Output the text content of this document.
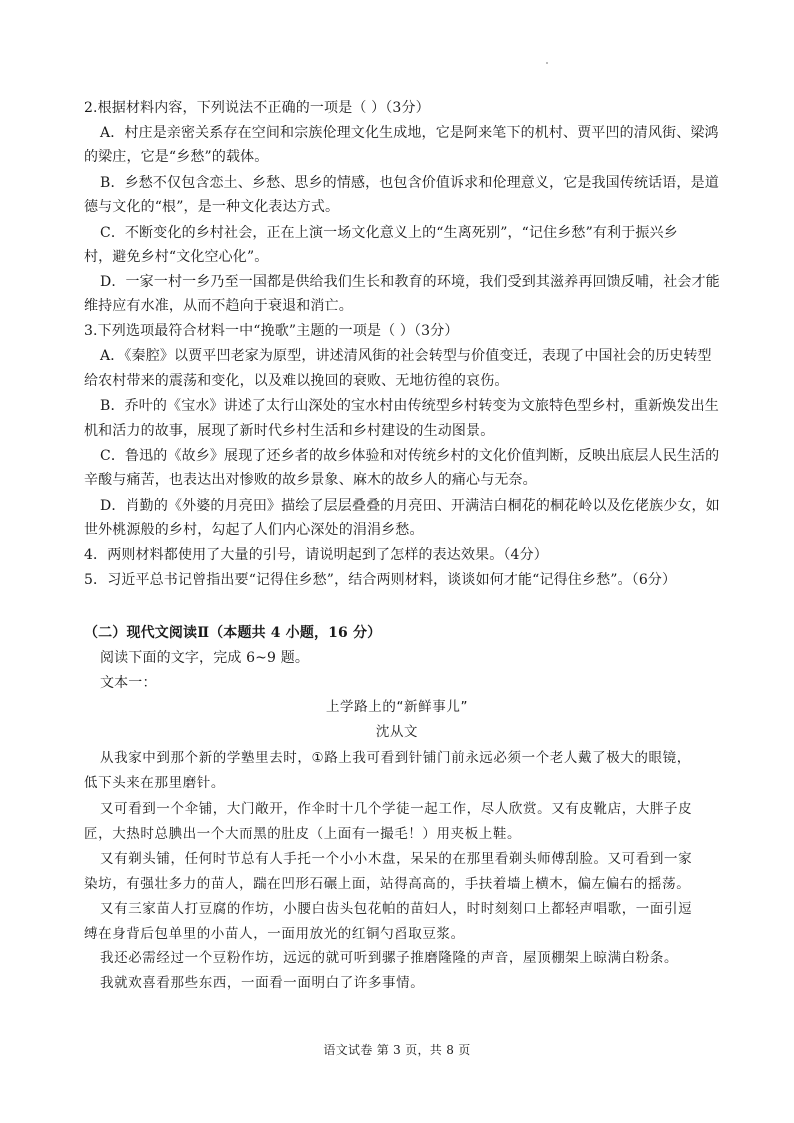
2.根据材料内容，下列说法不正确的一项是（ ）（3分）
A．村庄是亲密关系存在空间和宗族伦理文化生成地，它是阿来笔下的机村、贾平凹的清风街、梁鸿
的梁庄，它是“乡愁”的载体。
B．乡愁不仅包含恋土、乡愁、思乡的情感，也包含价值诉求和伦理意义，它是我国传统话语，是道
德与文化的“根”，是一种文化表达方式。
C．不断变化的乡村社会，正在上演一场文化意义上的“生离死别”，“记住乡愁”有利于振兴乡
村，避免乡村“文化空心化”。
D．一家一村一乡乃至一国都是供给我们生长和教育的环境，我们受到其滋养再回馈反哺，社会才能
维持应有水准，从而不趋向于衰退和消亡。
3.下列选项最符合材料一中“挽歌”主题的一项是（ ）（3分）
A．《秦腔》以贾平凹老家为原型，讲述清风街的社会转型与价值变迁，表现了中国社会的历史转型
给农村带来的震荡和变化，以及难以挽回的衰败、无地彷徨的哀伤。
B．乔叶的《宝水》讲述了太行山深处的宝水村由传统型乡村转变为文旅特色型乡村，重新焕发出生
机和活力的故事，展现了新时代乡村生活和乡村建设的生动图景。
C．鲁迅的《故乡》展现了还乡者的故乡体验和对传统乡村的文化价值判断，反映出底层人民生活的
辛酸与痛苦，也表达出对惨败的故乡景象、麻木的故乡人的痛心与无奈。
D．肖勤的《外婆的月亮田》描绘了层层叠叠的月亮田、开满洁白桐花的桐花岭以及仡佬族少女，如
世外桃源般的乡村，勾起了人们内心深处的涓涓乡愁。
4．两则材料都使用了大量的引号，请说明起到了怎样的表达效果。（4分）
5．习近平总书记曾指出要“记得住乡愁”，结合两则材料，谈谈如何才能“记得住乡愁”。（6分）
（二）现代文阅读Ⅱ（本题共 4 小题，16 分）
阅读下面的文字，完成 6~9 题。
文本一：
上学路上的“新鲜事儿”
沈从文
从我家中到那个新的学塾里去时，①路上我可看到针铺门前永远必须一个老人戴了极大的眼镜，
低下头来在那里磨针。
又可看到一个伞铺，大门敞开，作伞时十几个学徒一起工作，尽人欣赏。又有皮靴店，大胖子皮
匠，大热时总腆出一个大而黑的肚皮（上面有一撮毛！）用夹板上鞋。
又有剃头铺，任何时节总有人手托一个小小木盘，呆呆的在那里看剃头师傅刮脸。又可看到一家
染坊，有强壮多力的苗人，踹在凹形石碾上面，站得高高的，手扶着墙上横木，偏左偏右的摇荡。
又有三家苗人打豆腐的作坊，小腰白齿头包花帕的苗妇人，时时刻刻口上都轻声唱歌，一面引逗
缚在身背后包单里的小苗人，一面用放光的红铜勺舀取豆浆。
我还必需经过一个豆粉作坊，远远的就可听到骡子推磨隆隆的声音，屋顶棚架上晾满白粉条。
我就欢喜看那些东西，一面看一面明白了许多事情。
语文试卷 第 3 页，共 8 页
